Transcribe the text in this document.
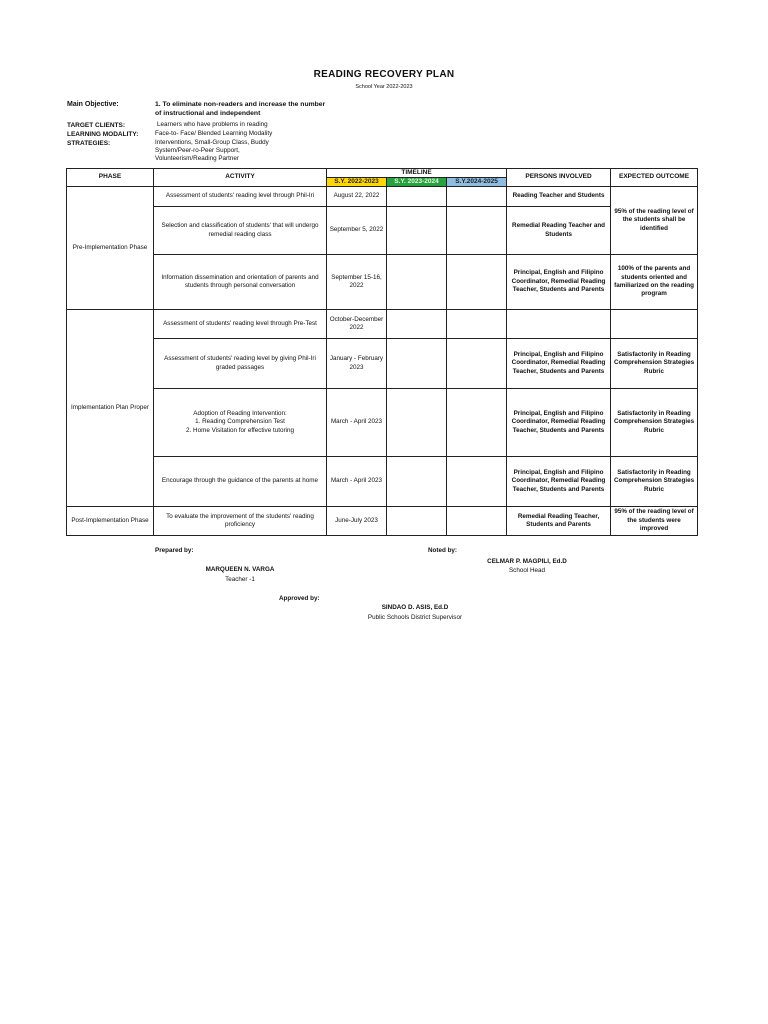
READING RECOVERY PLAN
School Year 2022-2023
Main Objective:	1. To eliminate non-readers and increase the number of instructional and independent
TARGET CLIENTS:	Learners who have problems in reading
LEARNING MODALITY:	Face-to- Face/ Blended Learning Modality
STRATEGIES:	Interventions, Small-Group Class, Buddy
System/Peer-ro-Peer Support,
Volunteerism/Reading Partner
PHASE	ACTIVITY	TIMELINE			PERSONS INVOLVED	EXPECTED OUTCOME
		S.Y. 2022-2023	S.Y. 2023-2024	S.Y.2024-2025		
Pre-Implementation Phase	Assessment of students' reading level through Phil-Iri	August 22, 2022			Reading Teacher and Students	95% of the reading level of the students shall be identified
	Selection and classification of students' that will undergo remedial reading class	September 5, 2022			Remedial Reading Teacher and Students	
	Information dissemination and orientation of parents and students through personal conversation	September 15-16, 2022			Principal, English and Filipino Coordinator, Remedial Reading Teacher, Students and Parents	100% of the parents and students oriented and familiarized on the reading program
Implementation Plan Proper	Assessment of students' reading level through Pre-Test	October-December 2022				
	Assessment of students' reading level by giving Phil-Iri graded passages	January - February 2023			Principal, English and Filipino Coordinator, Remedial Reading Teacher, Students and Parents	Satisfactorily in Reading Comprehension Strategies Rubric

	Adoption of Reading Intervention:
1. Reading Comprehension Test
2. Home Visitation for effective tutoring	March - April 2023			Principal, English and Filipino Coordinator, Remedial Reading Teacher, Students and Parents	Satisfactorily in Reading Comprehension Strategies Rubric
	Encourage through the guidance of the parents at home	March - April 2023			Principal, English and Filipino Coordinator, Remedial Reading Teacher, Students and Parents	Satisfactorily in Reading Comprehension Strategies Rubric
Post-Implementation Phase	To evaluate the improvement of the students' reading proficiency	June-July 2023			Remedial Reading Teacher, Students and Parents	95% of the reading level of the students were improved
Prepared by:
MARQUEEN N. VARGA
Teacher -1
Noted by:
CELMAR P. MAGPILI, Ed.D
School Head
Approved by:
SINDAO D. ASIS, Ed.D
Public Schools District Supervisor
